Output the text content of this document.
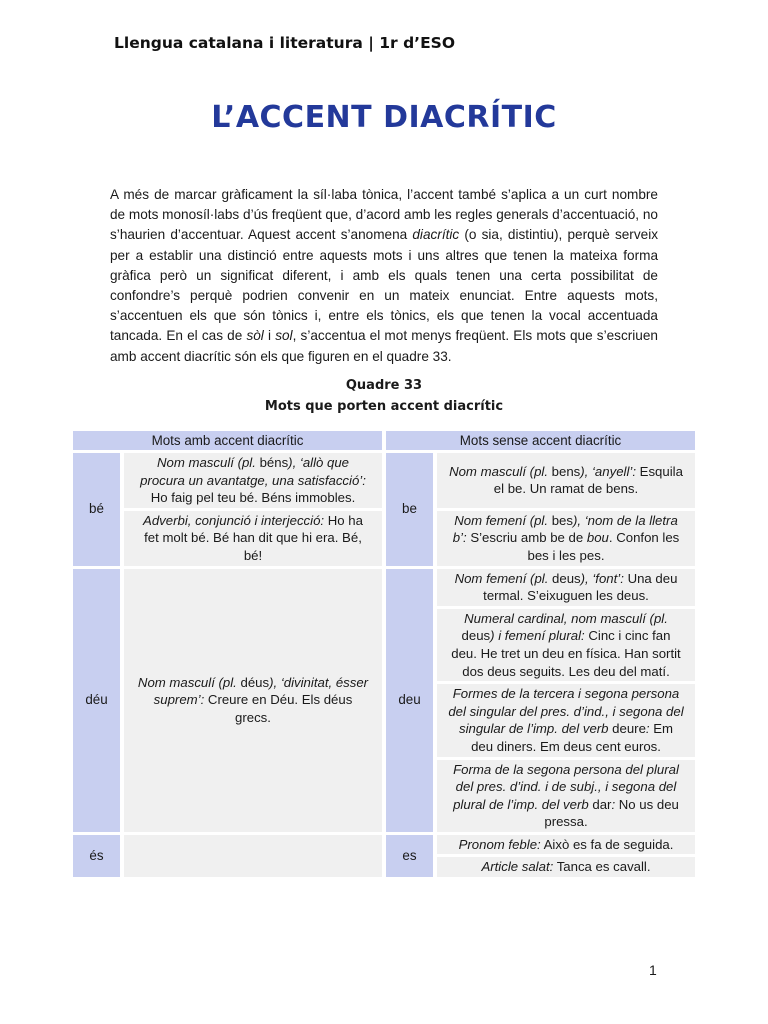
Llengua catalana i literatura | 1r d’ESO
L’ACCENT DIACRÍTIC

A més de marcar gràficament la síl·laba tònica, l’accent també s’aplica a un curt nombre de mots monosíl·labs d’ús freqüent que, d’acord amb les regles generals d’accentuació, no s’haurien d’accentuar. Aquest accent s’anomena diacrític (o sia, distintiu), perquè serveix per a establir una distinció entre aquests mots i uns altres que tenen la mateixa forma gràfica però un significat diferent, i amb els quals tenen una certa possibilitat de confondre’s perquè podrien convenir en un mateix enunciat. Entre aquests mots, s’accentuen els que són tònics i, entre els tònics, els que tenen la vocal accentuada tancada. En el cas de sòl i sol, s’accentua el mot menys freqüent. Els mots que s’escriuen amb accent diacrític són els que figuren en el quadre 33.

Quadre 33
Mots que porten accent diacrític
Mots amb accent diacrític	Mots sense accent diacrític
bé
Nom masculí (pl. béns), ‘allò que procura un avantatge, una satisfacció’: Ho faig pel teu bé. Béns immobles.
Adverbi, conjunció i interjecció: Ho ha fet molt bé. Bé han dit que hi era. Bé, bé!
be
Nom masculí (pl. bens), ‘anyell’: Esquila el be. Un ramat de bens.
Nom femení (pl. bes), ‘nom de la lletra b’: S’escriu amb be de bou. Confon les bes i les pes.
déu
Nom masculí (pl. déus), ‘divinitat, ésser suprem’: Creure en Déu. Els déus grecs.
deu
Nom femení (pl. deus), ‘font’: Una deu termal. S’eixuguen les deus.
Numeral cardinal, nom masculí (pl. deus) i femení plural: Cinc i cinc fan deu. He tret un deu en física. Han sortit dos deus seguits. Les deu del matí.
Formes de la tercera i segona persona del singular del pres. d’ind., i segona del singular de l’imp. del verb deure: Em deu diners. Em deus cent euros.
Forma de la segona persona del plural del pres. d’ind. i de subj., i segona del plural de l’imp. del verb dar: No us deu pressa.
és	es
Pronom feble: Això es fa de seguida.
Article salat: Tanca es cavall.
1
